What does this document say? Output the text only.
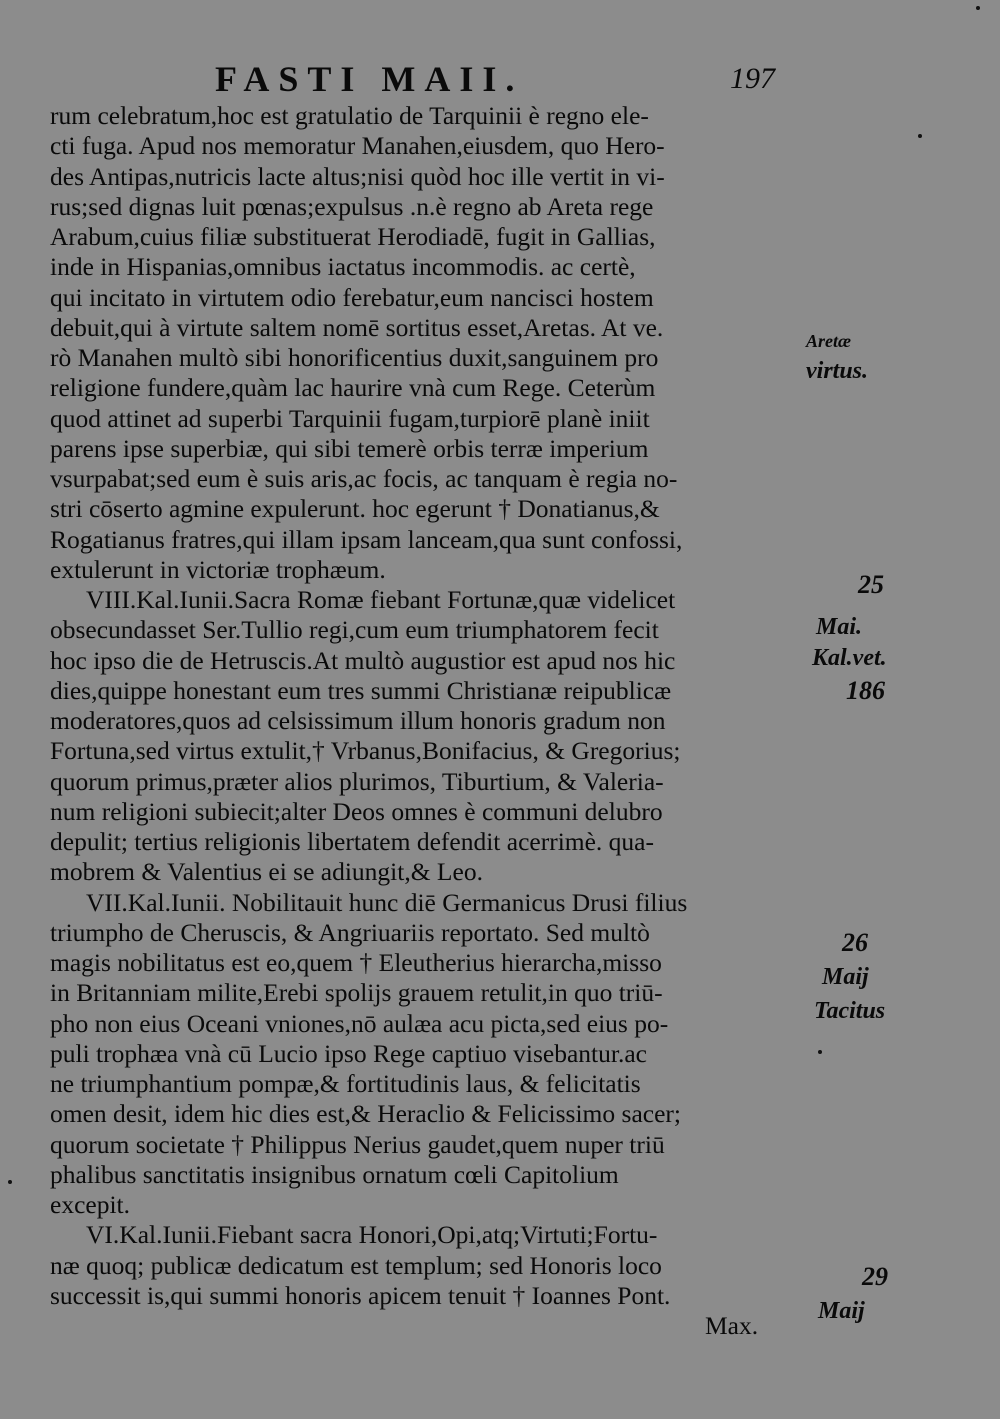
FASTI MAII.	197
rum celebratum,hoc est gratulatio de Tarquinii è regno ele-
cti fuga. Apud nos memoratur Manahen,eiusdem, quo Hero-
des Antipas,nutricis lacte altus;nisi quòd hoc ille vertit in vi-
rus;sed dignas luit pœnas;expulsus .n.è regno ab Areta rege
Arabum,cuius filiæ substituerat Herodiadē, fugit in Gallias,
inde in Hispanias,omnibus iactatus incommodis. ac certè,
qui incitato in virtutem odio ferebatur,eum nancisci hostem
debuit,qui à virtute saltem nomē sortitus esset,Aretas. At ve.
rò Manahen multò sibi honorificentius duxit,sanguinem pro
religione fundere,quàm lac haurire vnà cum Rege. Ceterùm
quod attinet ad superbi Tarquinii fugam,turpiorē planè iniit
parens ipse superbiæ, qui sibi temerè orbis terræ imperium
vsurpabat;sed eum è suis aris,ac focis, ac tanquam è regia no-
stri cōserto agmine expulerunt. hoc egerunt † Donatianus,&
Rogatianus fratres,qui illam ipsam lanceam,qua sunt confossi,
extulerunt in victoriæ trophæum.
VIII.Kal.Iunii.Sacra Romæ fiebant Fortunæ,quæ videlicet
obsecundasset Ser.Tullio regi,cum eum triumphatorem fecit
hoc ipso die de Hetruscis.At multò augustior est apud nos hic
dies,quippe honestant eum tres summi Christianæ reipublicæ
moderatores,quos ad celsissimum illum honoris gradum non
Fortuna,sed virtus extulit,† Vrbanus,Bonifacius, & Gregorius;
quorum primus,præter alios plurimos, Tiburtium, & Valeria-
num religioni subiecit;alter Deos omnes è communi delubro
depulit; tertius religionis libertatem defendit acerrimè. qua-
mobrem & Valentius ei se adiungit,& Leo.
VII.Kal.Iunii. Nobilitauit hunc diē Germanicus Drusi filius
triumpho de Cheruscis, & Angriuariis reportato. Sed multò
magis nobilitatus est eo,quem † Eleutherius hierarcha,misso
in Britanniam milite,Erebi spolijs grauem retulit,in quo triū-
pho non eius Oceani vniones,nō aulæa acu picta,sed eius po-
puli trophæa vnà cū Lucio ipso Rege captiuo visebantur.ac
ne triumphantium pompæ,& fortitudinis laus, & felicitatis
omen desit, idem hic dies est,& Heraclio & Felicissimo sacer;
quorum societate † Philippus Nerius gaudet,quem nuper triū
phalibus sanctitatis insignibus ornatum cœli Capitolium
excepit.
VI.Kal.Iunii.Fiebant sacra Honori,Opi,atq;Virtuti;Fortu-
næ quoq; publicæ dedicatum est templum; sed Honoris loco
successit is,qui summi honoris apicem tenuit † Ioannes Pont.
Max.
Aretæ
virtus.
25
Mai.
Kal.vet.
186
26
Maij
Tacitus
29
Maij
